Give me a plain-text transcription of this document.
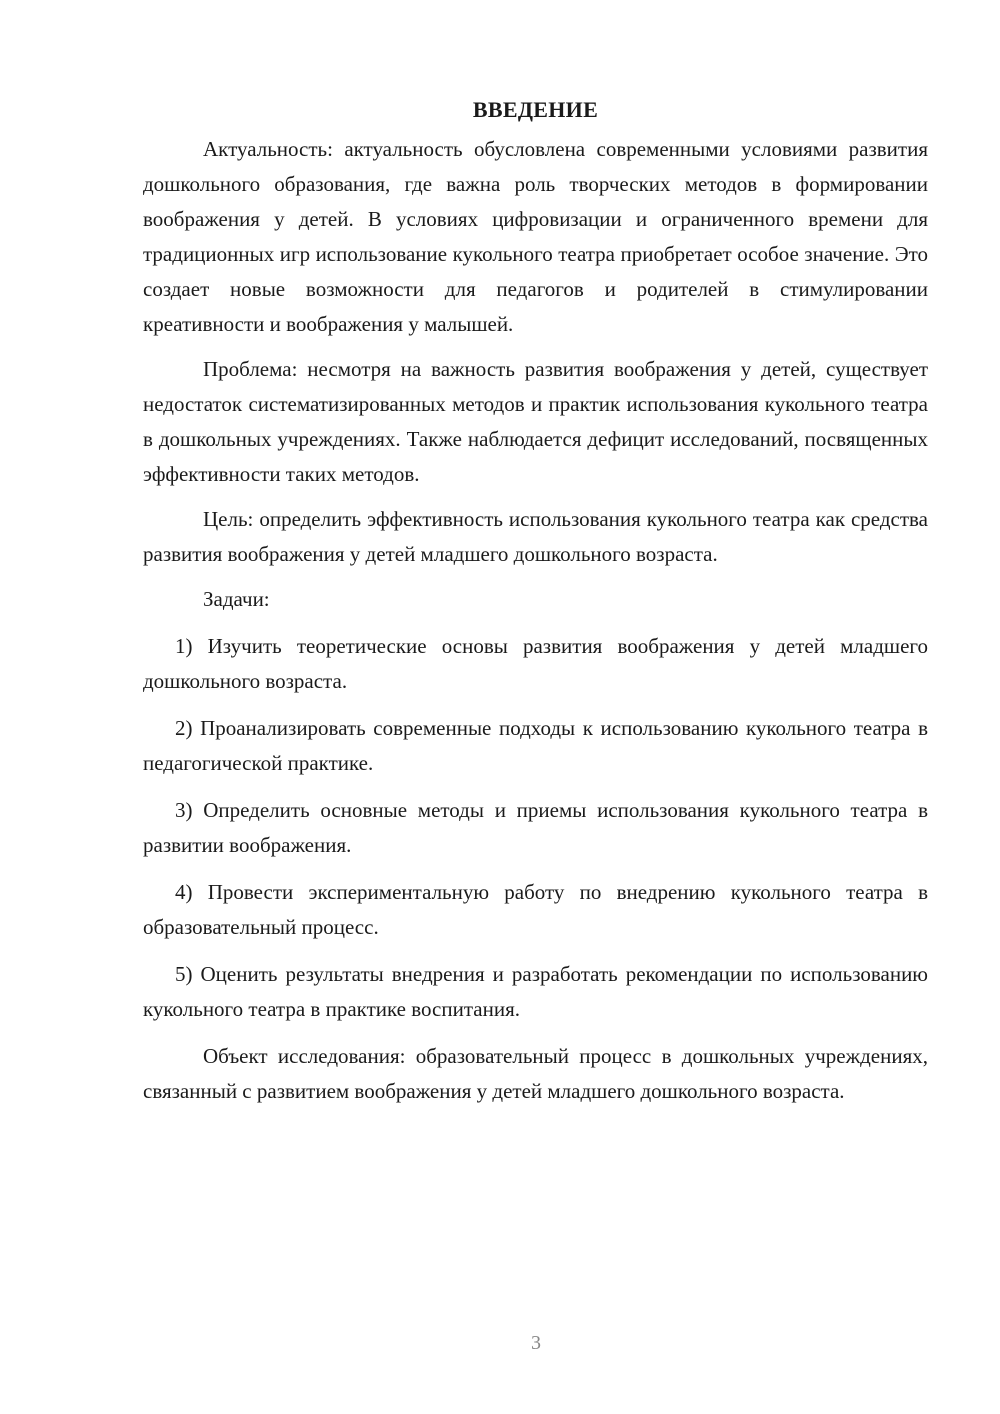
ВВЕДЕНИЕ

Актуальность: актуальность обусловлена современными условиями развития дошкольного образования, где важна роль творческих методов в формировании воображения у детей. В условиях цифровизации и ограниченного времени для традиционных игр использование кукольного театра приобретает особое значение. Это создает новые возможности для педагогов и родителей в стимулировании креативности и воображения у малышей.

Проблема: несмотря на важность развития воображения у детей, существует недостаток систематизированных методов и практик использования кукольного театра в дошкольных учреждениях. Также наблюдается дефицит исследований, посвященных эффективности таких методов.

Цель: определить эффективность использования кукольного театра как средства развития воображения у детей младшего дошкольного возраста.

Задачи:

1) Изучить теоретические основы развития воображения у детей младшего дошкольного возраста.

2) Проанализировать современные подходы к использованию кукольного театра в педагогической практике.

3) Определить основные методы и приемы использования кукольного театра в развитии воображения.

4) Провести экспериментальную работу по внедрению кукольного театра в образовательный процесс.

5) Оценить результаты внедрения и разработать рекомендации по использованию кукольного театра в практике воспитания.

Объект исследования: образовательный процесс в дошкольных учреждениях, связанный с развитием воображения у детей младшего дошкольного возраста.

3
